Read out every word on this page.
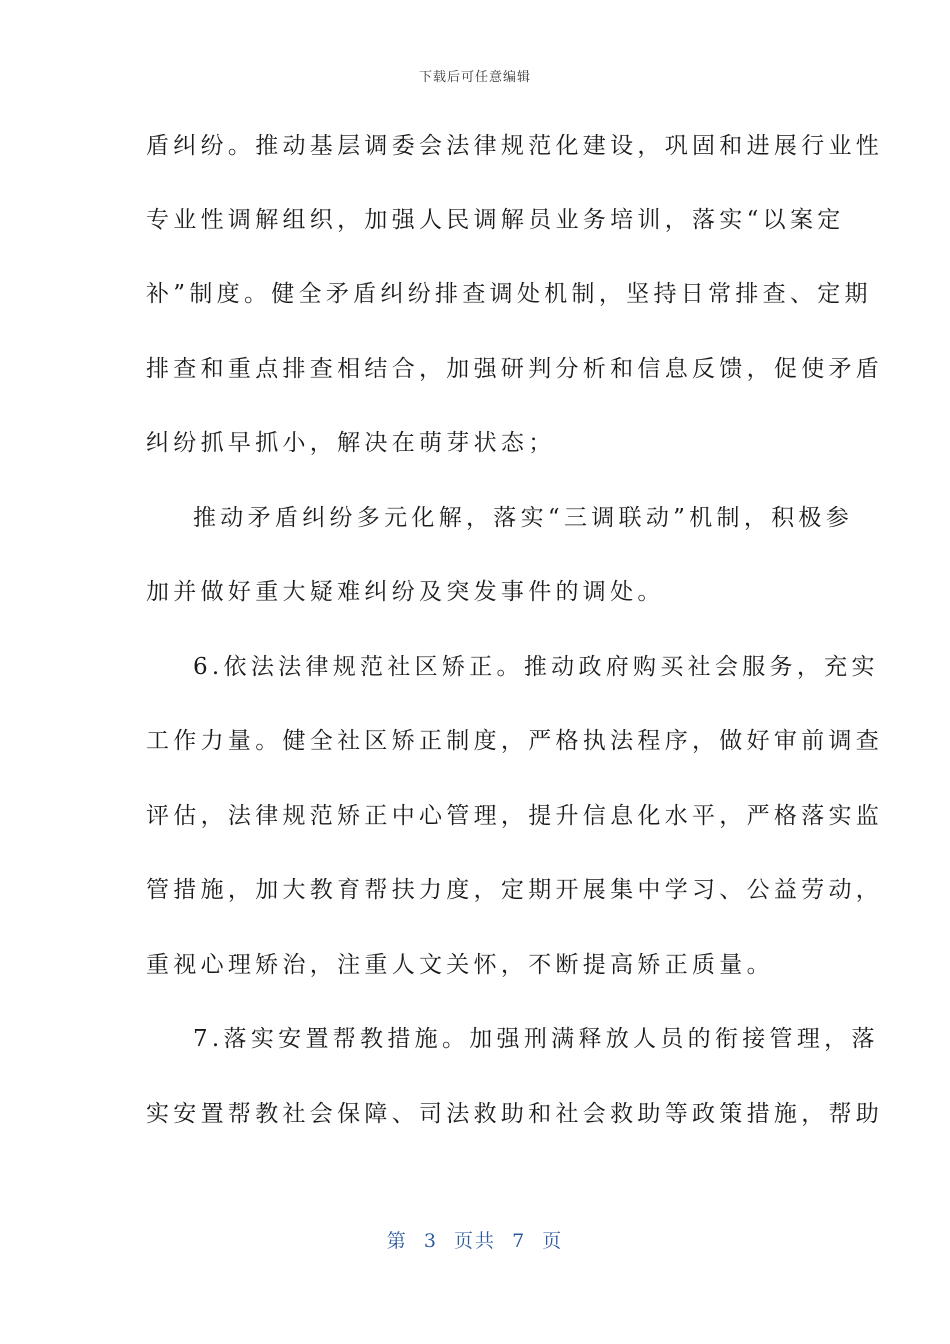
下载后可任意编辑
盾纠纷。推动基层调委会法律规范化建设，巩固和进展行业性
专业性调解组织，加强人民调解员业务培训，落实“以案定
补”制度。健全矛盾纠纷排查调处机制，坚持日常排查、定期
排查和重点排查相结合，加强研判分析和信息反馈，促使矛盾
纠纷抓早抓小，解决在萌芽状态；
推动矛盾纠纷多元化解，落实“三调联动”机制，积极参
加并做好重大疑难纠纷及突发事件的调处。
6.依法法律规范社区矫正。推动政府购买社会服务，充实
工作力量。健全社区矫正制度，严格执法程序，做好审前调查
评估，法律规范矫正中心管理，提升信息化水平，严格落实监
管措施，加大教育帮扶力度，定期开展集中学习、公益劳动，
重视心理矫治，注重人文关怀，不断提高矫正质量。
7.落实安置帮教措施。加强刑满释放人员的衔接管理，落
实安置帮教社会保障、司法救助和社会救助等政策措施，帮助
第  3  页共  7  页
